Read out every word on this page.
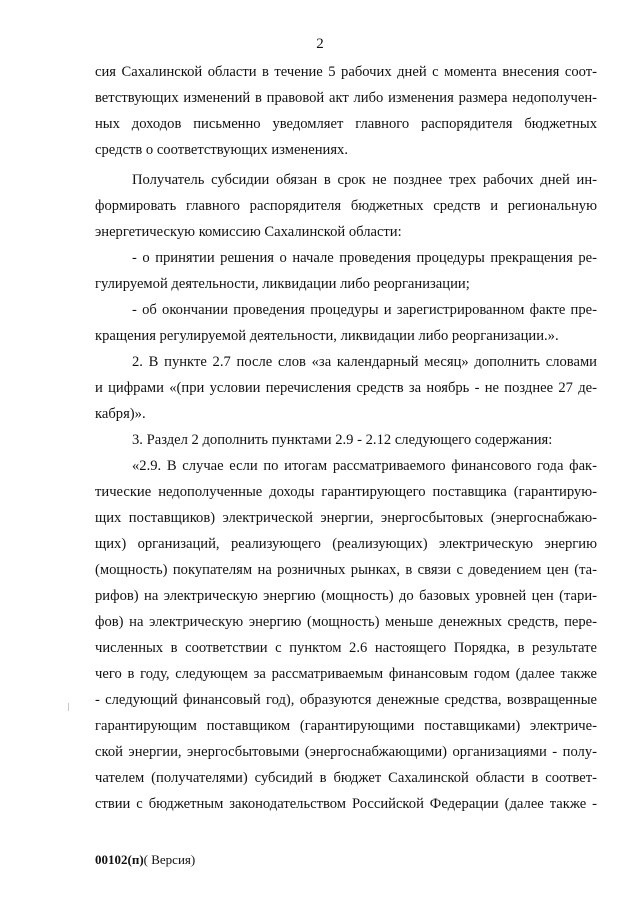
2
сия Сахалинской области в течение 5 рабочих дней с момента внесения соот-
ветствующих изменений в правовой акт либо изменения размера недополучен-
ных доходов письменно уведомляет главного распорядителя бюджетных
средств о соответствующих изменениях.
Получатель субсидии обязан в срок не позднее трех рабочих дней ин-
формировать главного распорядителя бюджетных средств и региональную
энергетическую комиссию Сахалинской области:
- о принятии решения о начале проведения процедуры прекращения ре-
гулируемой деятельности, ликвидации либо реорганизации;
- об окончании проведения процедуры и зарегистрированном факте пре-
кращения регулируемой деятельности, ликвидации либо реорганизации.».
2. В пункте 2.7 после слов «за календарный месяц» дополнить словами
и цифрами «(при условии перечисления средств за ноябрь - не позднее 27 де-
кабря)».
3. Раздел 2 дополнить пунктами 2.9 - 2.12 следующего содержания:
«2.9. В случае если по итогам рассматриваемого финансового года фак-
тические недополученные доходы гарантирующего поставщика (гарантирую-
щих поставщиков) электрической энергии, энергосбытовых (энергоснабжаю-
щих) организаций, реализующего (реализующих) электрическую энергию
(мощность) покупателям на розничных рынках, в связи с доведением цен (та-
рифов) на электрическую энергию (мощность) до базовых уровней цен (тари-
фов) на электрическую энергию (мощность) меньше денежных средств, пере-
численных в соответствии с пунктом 2.6 настоящего Порядка, в результате
чего в году, следующем за рассматриваемым финансовым годом (далее также
- следующий финансовый год), образуются денежные средства, возвращенные
гарантирующим поставщиком (гарантирующими поставщиками) электриче-
ской энергии, энергосбытовыми (энергоснабжающими) организациями - полу-
чателем (получателями) субсидий в бюджет Сахалинской области в соответ-
ствии с бюджетным законодательством Российской Федерации (далее также -
00102(п)( Версия)
